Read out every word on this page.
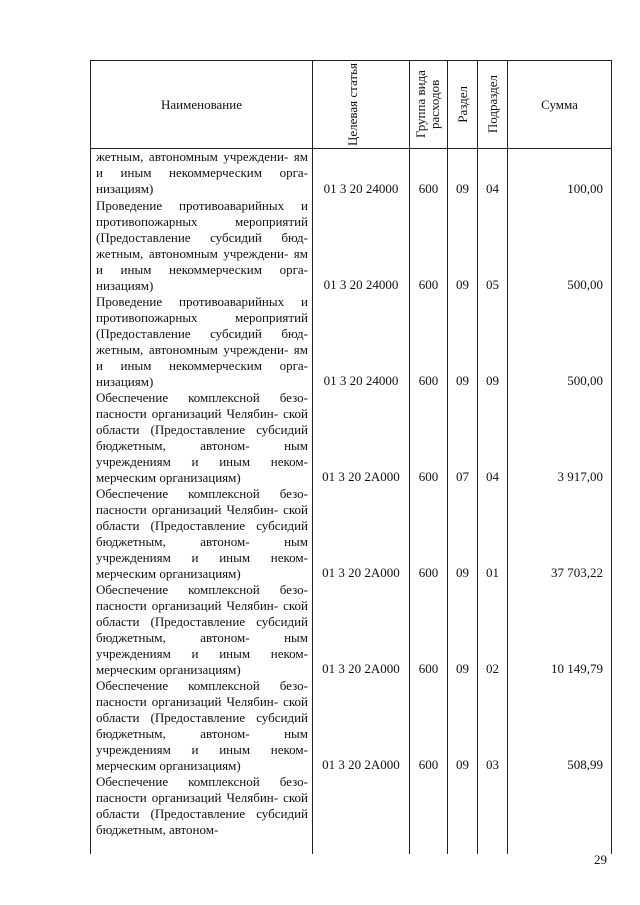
Наименование	Целевая статья	Группа вида расходов	Раздел	Подраздел	Сумма
жетным, автономным учреждени- ям и иным некоммерческим орга- низациям)	01 3 20 24000	600	09	04	100,00
Проведение противоаварийных и противопожарных мероприятий (Предоставление субсидий бюд- жетным, автономным учреждени- ям и иным некоммерческим орга- низациям)	01 3 20 24000	600	09	05	500,00
Проведение противоаварийных и противопожарных мероприятий (Предоставление субсидий бюд- жетным, автономным учреждени- ям и иным некоммерческим орга- низациям)	01 3 20 24000	600	09	09	500,00
Обеспечение комплексной безо- пасности организаций Челябин- ской области (Предоставление субсидий бюджетным, автоном- ным учреждениям и иным неком- мерческим организациям)	01 3 20 2А000	600	07	04	3 917,00
Обеспечение комплексной безо- пасности организаций Челябин- ской области (Предоставление субсидий бюджетным, автоном- ным учреждениям и иным неком- мерческим организациям)	01 3 20 2А000	600	09	01	37 703,22
Обеспечение комплексной безо- пасности организаций Челябин- ской области (Предоставление субсидий бюджетным, автоном- ным учреждениям и иным неком- мерческим организациям)	01 3 20 2А000	600	09	02	10 149,79
Обеспечение комплексной безо- пасности организаций Челябин- ской области (Предоставление субсидий бюджетным, автоном- ным учреждениям и иным неком- мерческим организациям)	01 3 20 2А000	600	09	03	508,99
Обеспечение комплексной безо- пасности организаций Челябин- ской области (Предоставление субсидий бюджетным, автоном-					
29
